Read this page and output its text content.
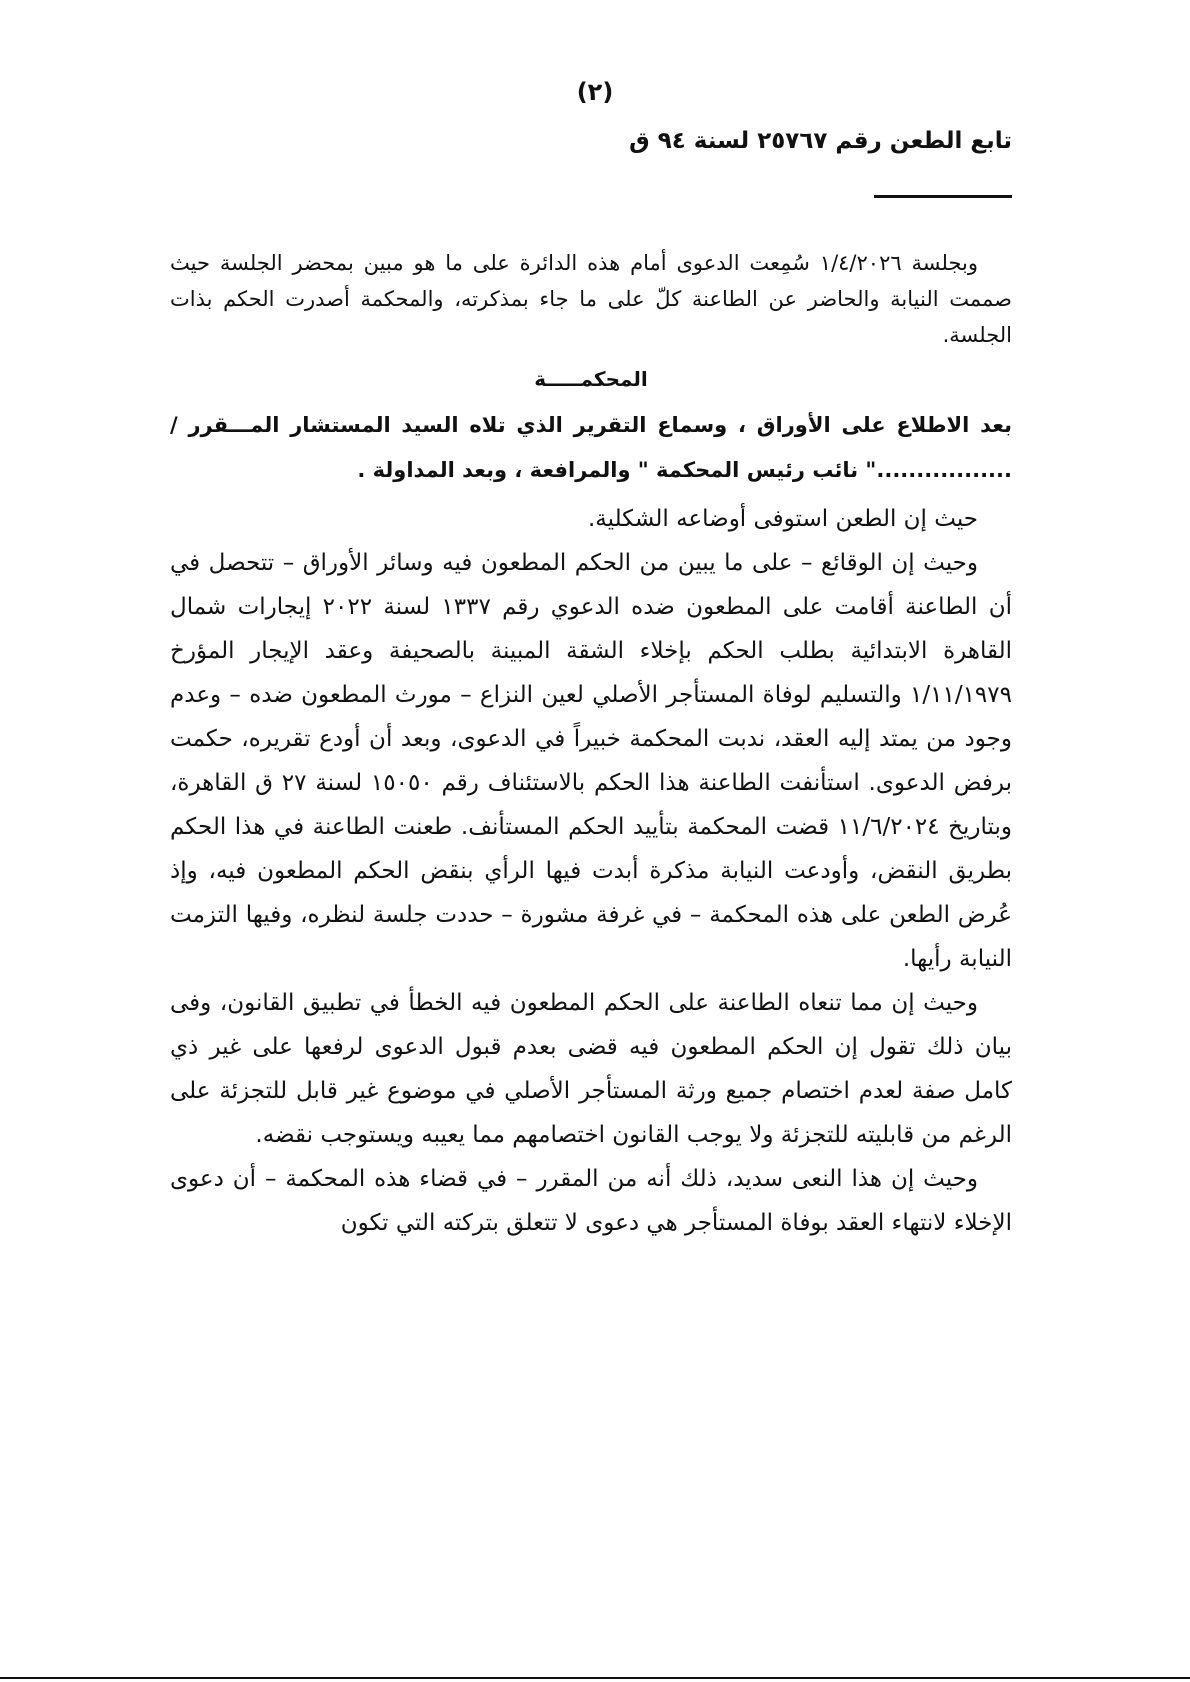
(٢)
تابع الطعن رقم ٢٥٧٦٧ لسنة ٩٤ ق

وبجلسة ١/٤/٢٠٢٦ سُمِعت الدعوى أمام هذه الدائرة على ما هو مبين بمحضر الجلسة حيث صممت النيابة والحاضر عن الطاعنة كلّ على ما جاء بمذكرته، والمحكمة أصدرت الحكم بذات الجلسة.

المحكمـــــة

بعد الاطلاع على الأوراق ، وسماع التقرير الذي تلاه السيد المستشار المـــقرر / ................." نائب رئيس المحكمة " والمرافعة ، وبعد المداولة .

حيث إن الطعن استوفى أوضاعه الشكلية.

وحيث إن الوقائع – على ما يبين من الحكم المطعون فيه وسائر الأوراق – تتحصل في أن الطاعنة أقامت على المطعون ضده الدعوي رقم ١٣٣٧ لسنة ٢٠٢٢ إيجارات شمال القاهرة الابتدائية بطلب الحكم بإخلاء الشقة المبينة بالصحيفة وعقد الإيجار المؤرخ ١/١١/١٩٧٩ والتسليم لوفاة المستأجر الأصلي لعين النزاع – مورث المطعون ضده – وعدم وجود من يمتد إليه العقد، ندبت المحكمة خبيراً في الدعوى، وبعد أن أودع تقريره، حكمت برفض الدعوى. استأنفت الطاعنة هذا الحكم بالاستئناف رقم ١٥٠٥٠ لسنة ٢٧ ق القاهرة، وبتاريخ ١١/٦/٢٠٢٤ قضت المحكمة بتأييد الحكم المستأنف. طعنت الطاعنة في هذا الحكم بطريق النقض، وأودعت النيابة مذكرة أبدت فيها الرأي بنقض الحكم المطعون فيه، وإذ عُرض الطعن على هذه المحكمة – في غرفة مشورة – حددت جلسة لنظره، وفيها التزمت النيابة رأيها.

وحيث إن مما تنعاه الطاعنة على الحكم المطعون فيه الخطأ في تطبيق القانون، وفى بيان ذلك تقول إن الحكم المطعون فيه قضى بعدم قبول الدعوى لرفعها على غير ذي كامل صفة لعدم اختصام جميع ورثة المستأجر الأصلي في موضوع غير قابل للتجزئة على الرغم من قابليته للتجزئة ولا يوجب القانون اختصامهم مما يعيبه ويستوجب نقضه.

وحيث إن هذا النعى سديد، ذلك أنه من المقرر – في قضاء هذه المحكمة – أن دعوى الإخلاء لانتهاء العقد بوفاة المستأجر هي دعوى لا تتعلق بتركته التي تكون
